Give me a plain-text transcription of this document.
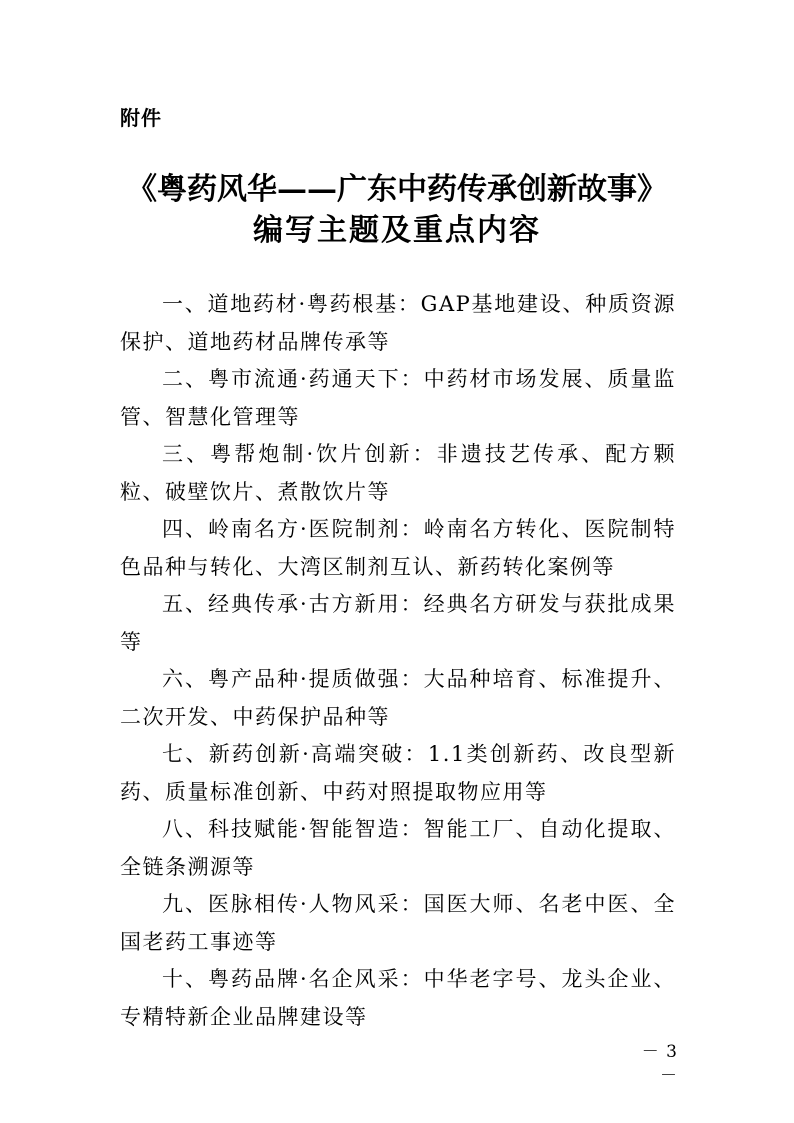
附件
《粤药风华——广东中药传承创新故事》
编写主题及重点内容

一、道地药材·粤药根基：GAP基地建设、种质资源保护、道地药材品牌传承等

二、粤市流通·药通天下：中药材市场发展、质量监管、智慧化管理等

三、粤帮炮制·饮片创新：非遗技艺传承、配方颗粒、破壁饮片、煮散饮片等

四、岭南名方·医院制剂：岭南名方转化、医院制特色品种与转化、大湾区制剂互认、新药转化案例等

五、经典传承·古方新用：经典名方研发与获批成果等

六、粤产品种·提质做强：大品种培育、标准提升、二次开发、中药保护品种等

七、新药创新·高端突破：1.1类创新药、改良型新药、质量标准创新、中药对照提取物应用等

八、科技赋能·智能智造：智能工厂、自动化提取、全链条溯源等

九、医脉相传·人物风采：国医大师、名老中医、全国老药工事迹等

十、粤药品牌·名企风采：中华老字号、龙头企业、专精特新企业品牌建设等

－ 3 －
